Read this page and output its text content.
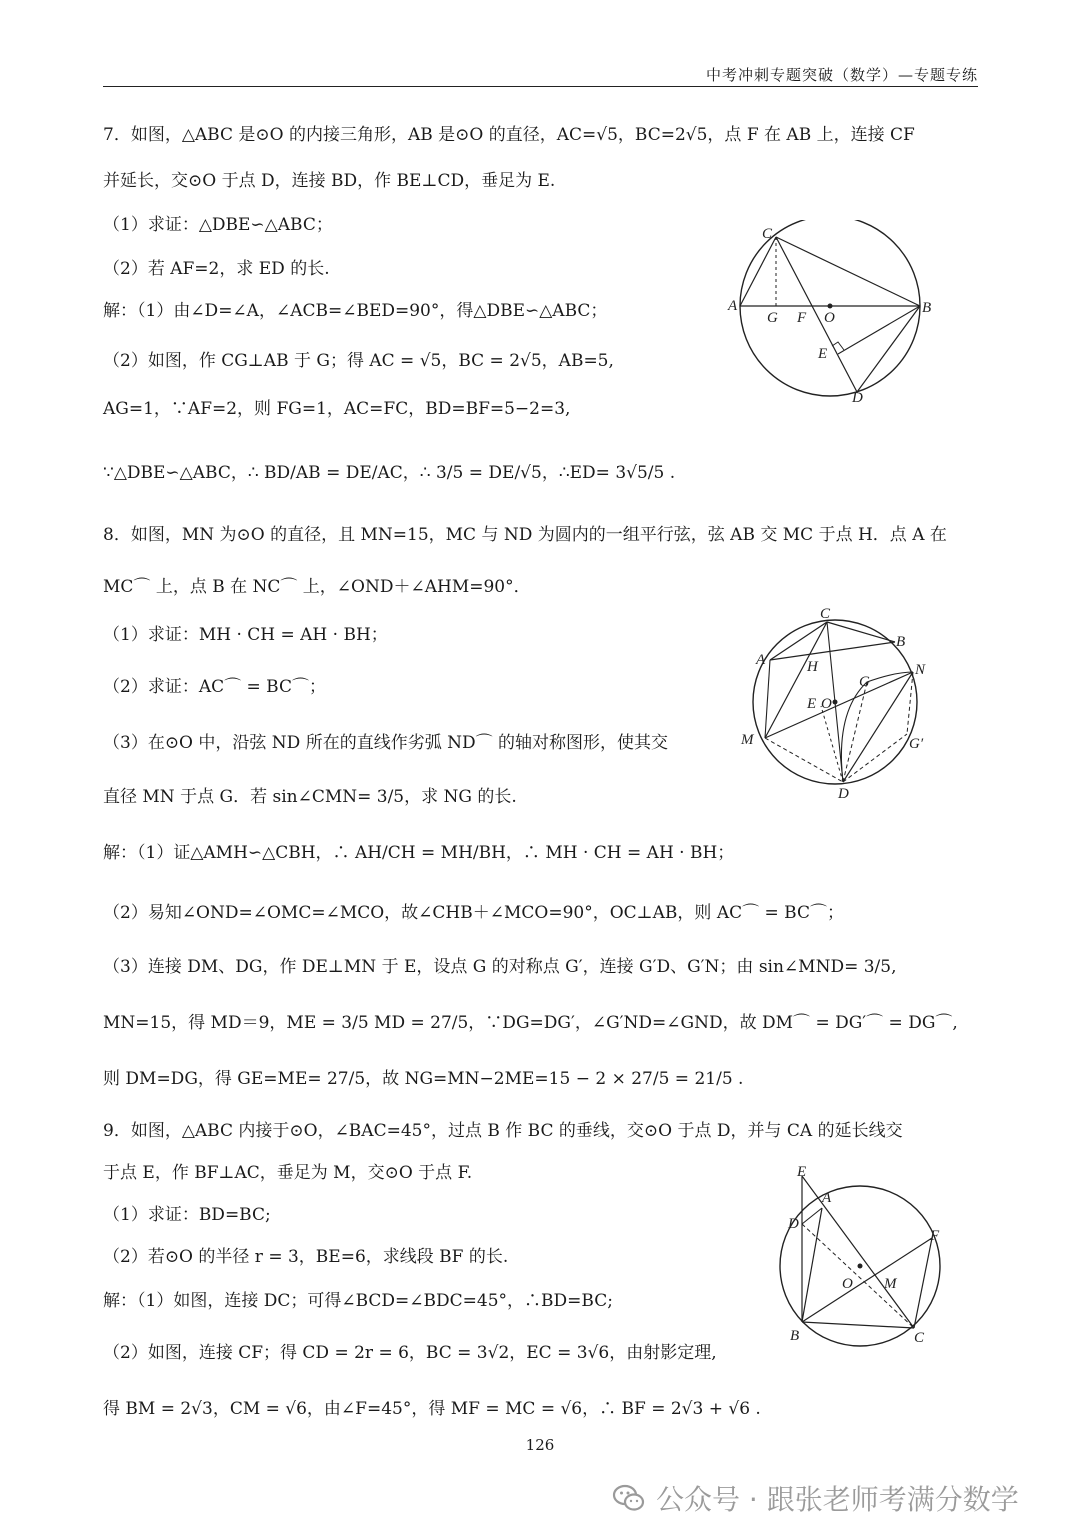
中考冲刺专题突破（数学）—专题专练
7．如图，△ABC 是⊙O 的内接三角形，AB 是⊙O 的直径，AC=√5，BC=2√5，点 F 在 AB 上，连接 CF
并延长，交⊙O 于点 D，连接 BD，作 BE⊥CD，垂足为 E.
（1）求证：△DBE∽△ABC；
（2）若 AF=2，求 ED 的长.
解：（1）由∠D=∠A，∠ACB=∠BED=90°，得△DBE∽△ABC；
（2）如图，作 CG⊥AB 于 G；得 AC = √5，BC = 2√5，AB=5,
AG=1，∵AF=2，则 FG=1，AC=FC，BD=BF=5−2=3,
∵△DBE∽△ABC，∴ BD/AB = DE/AC，∴ 3/5 = DE/√5，∴ED= 3√5/5 .
C
A
G F O
B
E
D
8．如图，MN 为⊙O 的直径，且 MN=15，MC 与 ND 为圆内的一组平行弦，弦 AB 交 MC 于点 H．点 A 在
MC⌒ 上，点 B 在 NC⌒ 上，∠OND＋∠AHM=90°．
（1）求证：MH · CH = AH · BH；
（2）求证：AC⌒ = BC⌒；
（3）在⊙O 中，沿弦 ND 所在的直线作劣弧 ND⌒ 的轴对称图形，使其交
直径 MN 于点 G．若 sin∠CMN= 3/5，求 NG 的长.
解：（1）证△AMH∽△CBH，∴ AH/CH = MH/BH，∴ MH · CH = AH · BH；
（2）易知∠OND=∠OMC=∠MCO，故∠CHB＋∠MCO=90°，OC⊥AB，则 AC⌒ = BC⌒；
（3）连接 DM、DG，作 DE⊥MN 于 E，设点 G 的对称点 G′，连接 G′D、G′N；由 sin∠MND= 3/5,
MN=15，得 MD＝9，ME = 3/5 MD = 27/5，∵DG=DG′，∠G′ND=∠GND，故 DM⌒ = DG′⌒ = DG⌒,
则 DM=DG，得 GE=ME= 27/5，故 NG=MN−2ME=15 − 2 × 27/5 = 21/5 .
C
B
A	H	N
G
E O
M	G′
D
9．如图，△ABC 内接于⊙O，∠BAC=45°，过点 B 作 BC 的垂线，交⊙O 于点 D，并与 CA 的延长线交
于点 E，作 BF⊥AC，垂足为 M，交⊙O 于点 F.
（1）求证：BD=BC;
（2）若⊙O 的半径 r = 3，BE=6，求线段 BF 的长.
解：（1）如图，连接 DC；可得∠BCD=∠BDC=45°，∴BD=BC;
（2）如图，连接 CF；得 CD = 2r = 6，BC = 3√2，EC = 3√6，由射影定理,
得 BM = 2√3，CM = √6，由∠F=45°，得 MF = MC = √6，∴ BF = 2√3 + √6 .
E
A
D
F
O M
B	C
126
公众号 · 跟张老师考满分数学
